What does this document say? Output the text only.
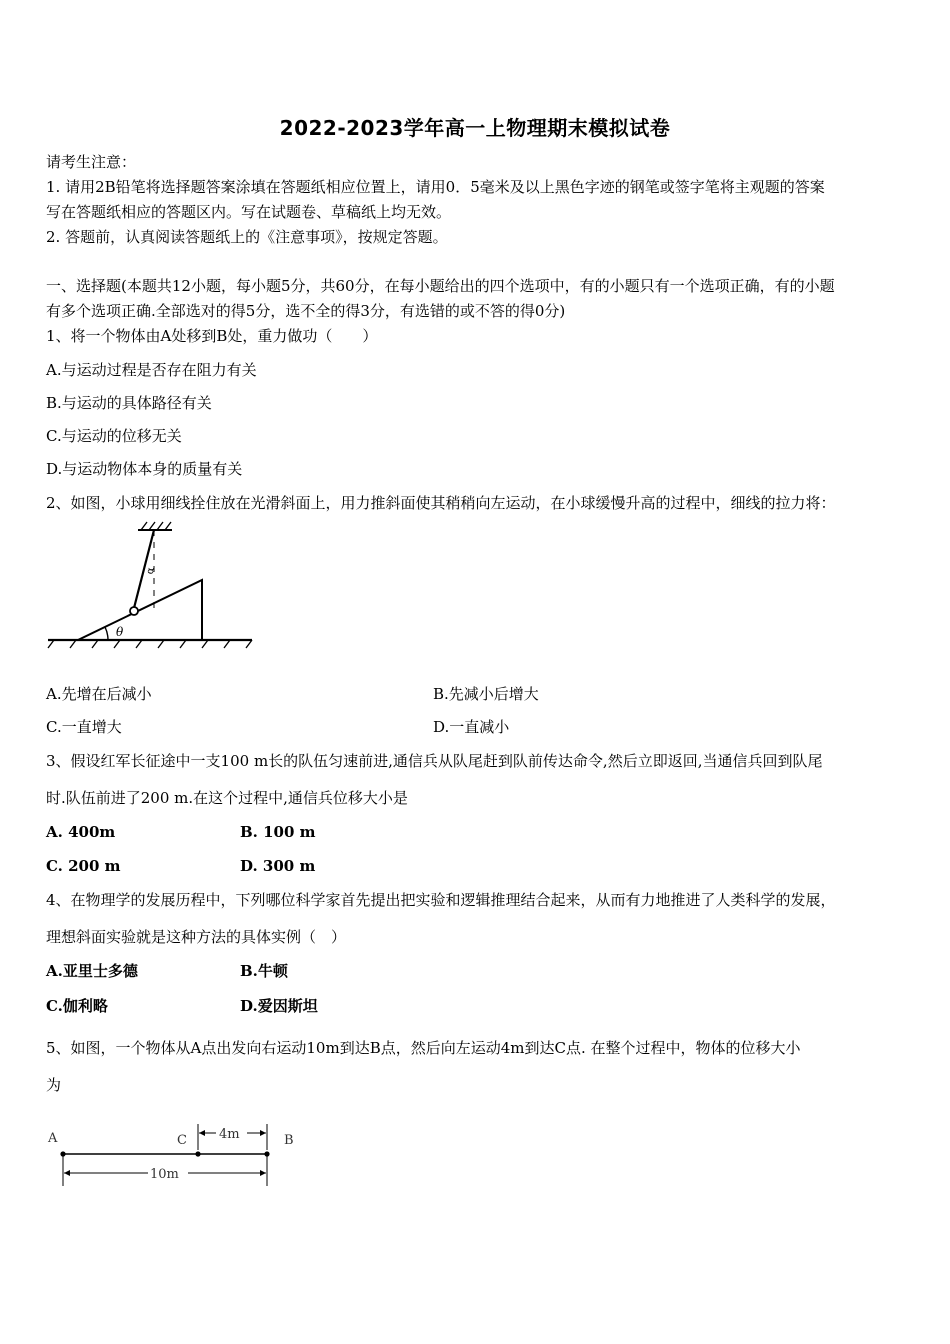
2022-2023学年高一上物理期末模拟试卷
请考生注意：
1. 请用2B铅笔将选择题答案涂填在答题纸相应位置上，请用0．5毫米及以上黑色字迹的钢笔或签字笔将主观题的答案
写在答题纸相应的答题区内。写在试题卷、草稿纸上均无效。
2. 答题前，认真阅读答题纸上的《注意事项》，按规定答题。
一、选择题(本题共12小题，每小题5分，共60分，在每小题给出的四个选项中，有的小题只有一个选项正确，有的小题
有多个选项正确.全部选对的得5分，选不全的得3分，有选错的或不答的得0分)
1、将一个物体由A处移到B处，重力做功（　　）
A.与运动过程是否存在阻力有关
B.与运动的具体路径有关
C.与运动的位移无关
D.与运动物体本身的质量有关
2、如图，小球用细线拴住放在光滑斜面上，用力推斜面使其稍稍向左运动，在小球缓慢升高的过程中，细线的拉力将：
α
θ
A.先增在后减小	B.先减小后增大
C.一直增大	D.一直减小
3、假设红军长征途中一支100 m长的队伍匀速前进,通信兵从队尾赶到队前传达命令,然后立即返回,当通信兵回到队尾
时.队伍前进了200 m.在这个过程中,通信兵位移大小是
A. 400m	B. 100 m
C. 200 m	D. 300 m
4、在物理学的发展历程中，下列哪位科学家首先提出把实验和逻辑推理结合起来，从而有力地推进了人类科学的发展，
理想斜面实验就是这种方法的具体实例（　）
A.亚里士多德	B.牛顿
C.伽利略	D.爱因斯坦
5、如图，一个物体从A点出发向右运动10m到达B点，然后向左运动4m到达C点. 在整个过程中，物体的位移大小
为
A	C	B
4m
10m
